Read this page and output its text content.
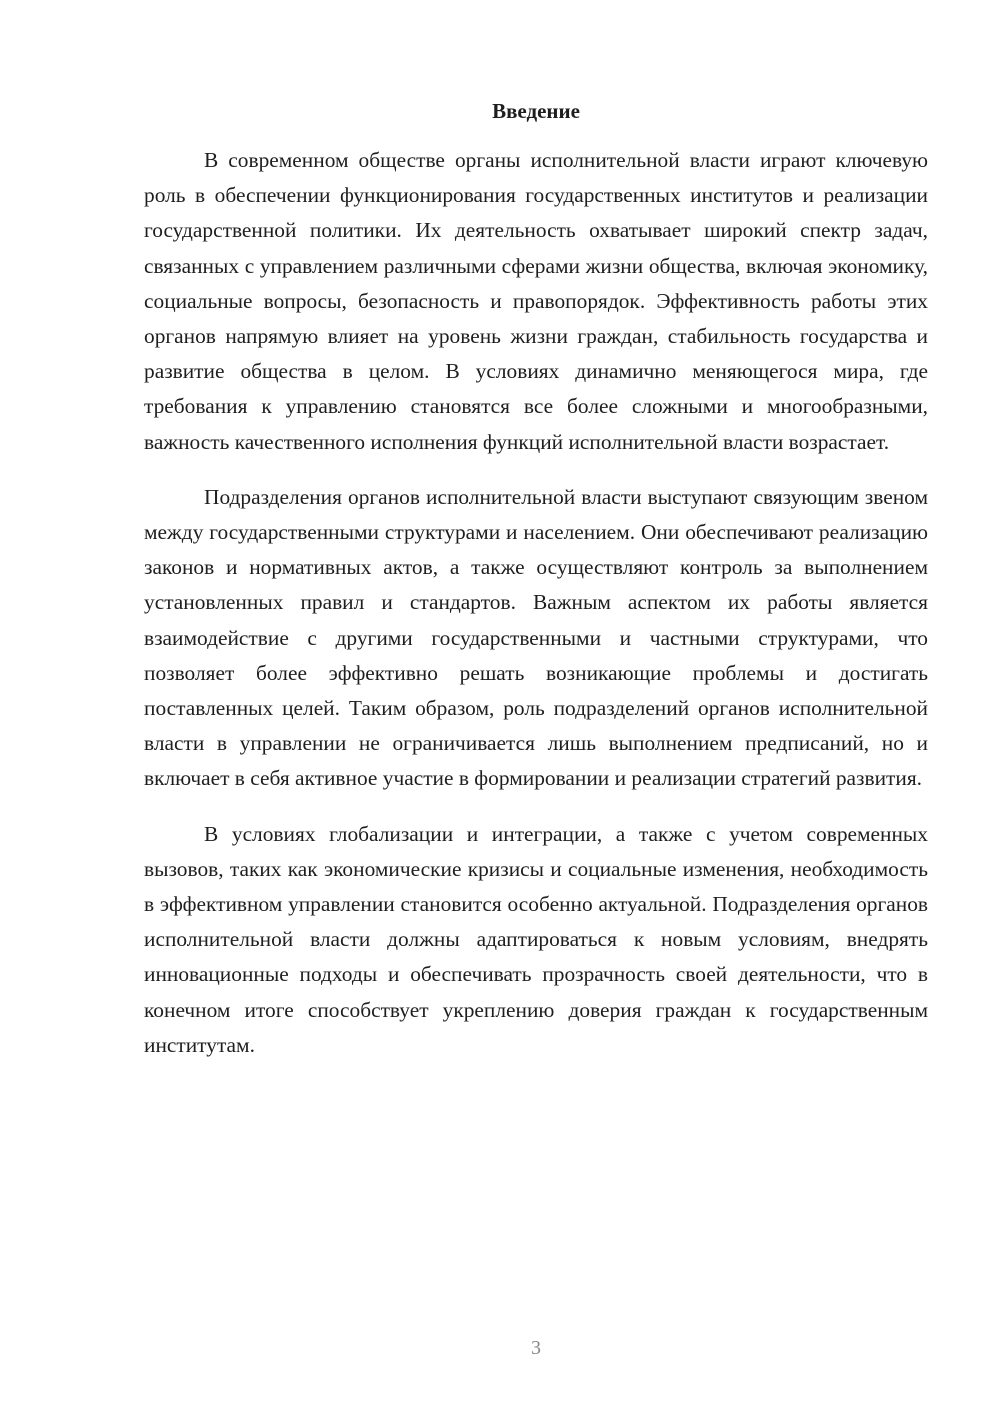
Введение

В современном обществе органы исполнительной власти играют ключевую роль в обеспечении функционирования государственных институтов и реализации государственной политики. Их деятельность охватывает широкий спектр задач, связанных с управлением различными сферами жизни общества, включая экономику, социальные вопросы, безопасность и правопорядок. Эффективность работы этих органов напрямую влияет на уровень жизни граждан, стабильность государства и развитие общества в целом. В условиях динамично меняющегося мира, где требования к управлению становятся все более сложными и многообразными, важность качественного исполнения функций исполнительной власти возрастает.

Подразделения органов исполнительной власти выступают связующим звеном между государственными структурами и населением. Они обеспечивают реализацию законов и нормативных актов, а также осуществляют контроль за выполнением установленных правил и стандартов. Важным аспектом их работы является взаимодействие с другими государственными и частными структурами, что позволяет более эффективно решать возникающие проблемы и достигать поставленных целей. Таким образом, роль подразделений органов исполнительной власти в управлении не ограничивается лишь выполнением предписаний, но и включает в себя активное участие в формировании и реализации стратегий развития.

В условиях глобализации и интеграции, а также с учетом современных вызовов, таких как экономические кризисы и социальные изменения, необходимость в эффективном управлении становится особенно актуальной. Подразделения органов исполнительной власти должны адаптироваться к новым условиям, внедрять инновационные подходы и обеспечивать прозрачность своей деятельности, что в конечном итоге способствует укреплению доверия граждан к государственным институтам.

3
